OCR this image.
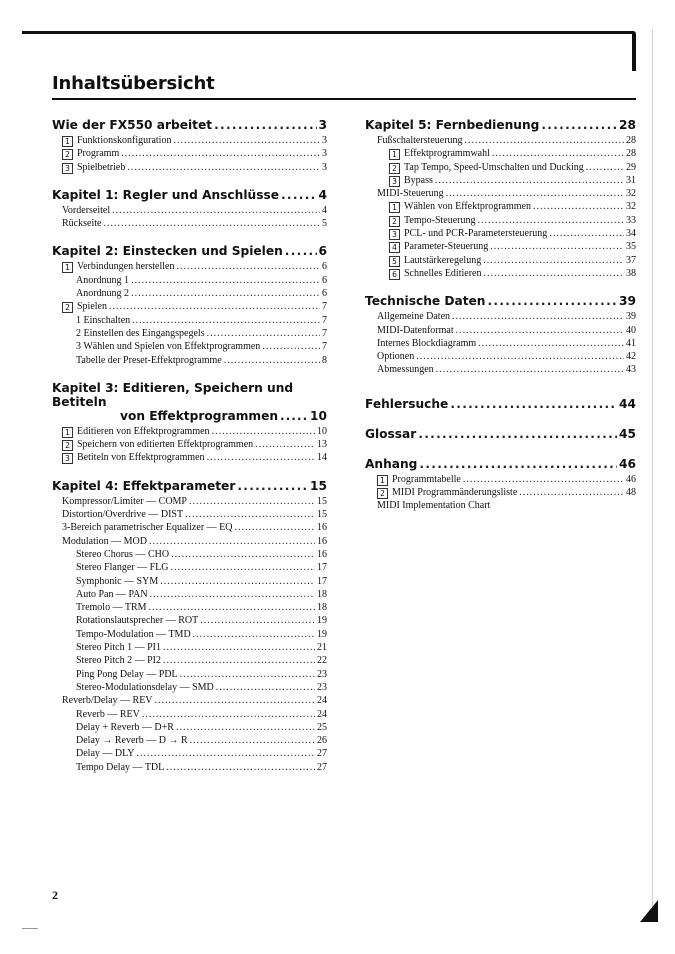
Inhaltsübersicht
Wie der FX550 arbeitet .....	3
1 Funktionskonfiguration .....	3
2 Programm .....	3
3 Spielbetrieb .....	3
Kapitel 1: Regler und Anschlüsse .....	4
Vorderseitel .....	4
Rückseite .....	5
Kapitel 2: Einstecken und Spielen .....	6
1 Verbindungen herstellen .....	6
Anordnung 1 .....	6
Anordnung 2 .....	6
2 Spielen .....	7
1 Einschalten .....	7
2 Einstellen des Eingangspegels .....	7
3 Wählen und Spielen von Effektprogrammen .....	7
Tabelle der Preset-Effektprogramme .....	8
Kapitel 3: Editieren, Speichern und Betiteln
von Effektprogrammen .....	10
1 Editieren von Effektprogrammen .....	10
2 Speichern von editierten Effektprogrammen .....	13
3 Betiteln von Effektprogrammen .....	14
Kapitel 4: Effektparameter .....	15
Kompressor/Limiter — COMP .....	15
Distortion/Overdrive — DIST .....	15
3-Bereich parametrischer Equalizer — EQ .....	16
Modulation — MOD .....	16
Stereo Chorus — CHO .....	16
Stereo Flanger — FLG .....	17
Symphonic — SYM .....	17
Auto Pan — PAN .....	18
Tremolo — TRM .....	18
Rotationslautsprecher — ROT .....	19
Tempo-Modulation — TMD .....	19
Stereo Pitch 1 — PI1 .....	21
Stereo Pitch 2 — PI2 .....	22
Ping Pong Delay — PDL .....	23
Stereo-Modulationsdelay — SMD .....	23
Reverb/Delay — REV .....	24
Reverb — REV .....	24
Delay + Reverb — D+R .....	25
Delay → Reverb — D → R .....	26
Delay — DLY .....	27
Tempo Delay — TDL .....	27
Kapitel 5: Fernbedienung .....	28
Fußschaltersteuerung .....	28
1 Effektprogrammwahl .....	28
2 Tap Tempo, Speed-Umschalten und Ducking .....	29
3 Bypass .....	31
MIDI-Steuerung .....	32
1 Wählen von Effektprogrammen .....	32
2 Tempo-Steuerung .....	33
3 PCL- und PCR-Parametersteuerung .....	34
4 Parameter-Steuerung .....	35
5 Lautstärkeregelung .....	37
6 Schnelles Editieren .....	38
Technische Daten .....	39
Allgemeine Daten .....	39
MIDI-Datenformat .....	40
Internes Blockdiagramm .....	41
Optionen .....	42
Abmessungen .....	43
Fehlersuche .....	44
Glossar .....	45
Anhang .....	46
1 Programmtabelle .....	46
2 MIDI Programmänderungsliste .....	48
MIDI Implementation Chart
2
